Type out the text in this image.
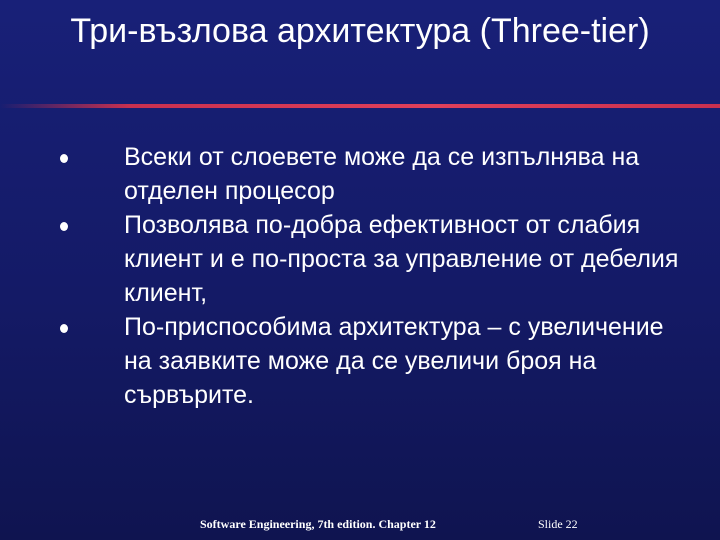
Три-възлова архитектура (Three-tier)
Всеки от слоевете може да се изпълнява на отделен процесор
Позволява по-добра ефективност от слабия клиент и е по-проста за управление от дебелия клиент,
По-приспособима архитектура – с увеличение на заявките може да се увеличи броя на сървърите.
Software Engineering, 7th edition. Chapter 12	Slide 22
